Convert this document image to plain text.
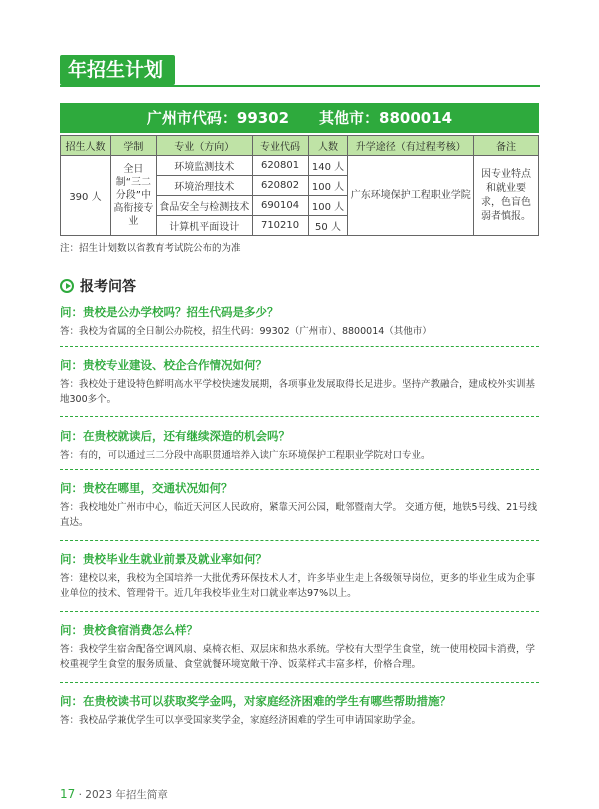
年招生计划
广州市代码：99302　　其他市：8800014
招生人数	学制	专业（方向）	专业代码	人数	升学途径（有过程考核）	备注
390 人	全日制“三二分段”中高衔接专业	环境监测技术	620801	140 人	广东环境保护工程职业学院	因专业特点和就业要求，色盲色弱者慎报。
		环境治理技术	620802	100 人		
		食品安全与检测技术	690104	100 人		
		计算机平面设计	710210	50 人		
注：招生计划数以省教育考试院公布的为准
报考问答
问：贵校是公办学校吗？招生代码是多少？
答：我校为省属的全日制公办院校，招生代码：99302（广州市）、8800014（其他市）
问：贵校专业建设、校企合作情况如何？
答：我校处于建设特色鲜明高水平学校快速发展期，各项事业发展取得长足进步。坚持产教融合，建成校外实训基地300多个。
问：在贵校就读后，还有继续深造的机会吗？
答：有的，可以通过三二分段中高职贯通培养入读广东环境保护工程职业学院对口专业。
问：贵校在哪里，交通状况如何？
答：我校地处广州市中心，临近天河区人民政府，紧靠天河公园，毗邻暨南大学。 交通方便，地铁5号线、21号线直达。
问：贵校毕业生就业前景及就业率如何？
答：建校以来，我校为全国培养一大批优秀环保技术人才，许多毕业生走上各级领导岗位，更多的毕业生成为企事业单位的技术、管理骨干。近几年我校毕业生对口就业率达97%以上。
问：贵校食宿消费怎么样？
答：我校学生宿舍配备空调风扇、桌椅衣柜、双层床和热水系统。学校有大型学生食堂，统一使用校园卡消费，学校重视学生食堂的服务质量、食堂就餐环境宽敞干净、饭菜样式丰富多样，价格合理。
问：在贵校读书可以获取奖学金吗，对家庭经济困难的学生有哪些帮助措施？
答：我校品学兼优学生可以享受国家奖学金，家庭经济困难的学生可申请国家助学金。
17 · 2023 年招生简章
